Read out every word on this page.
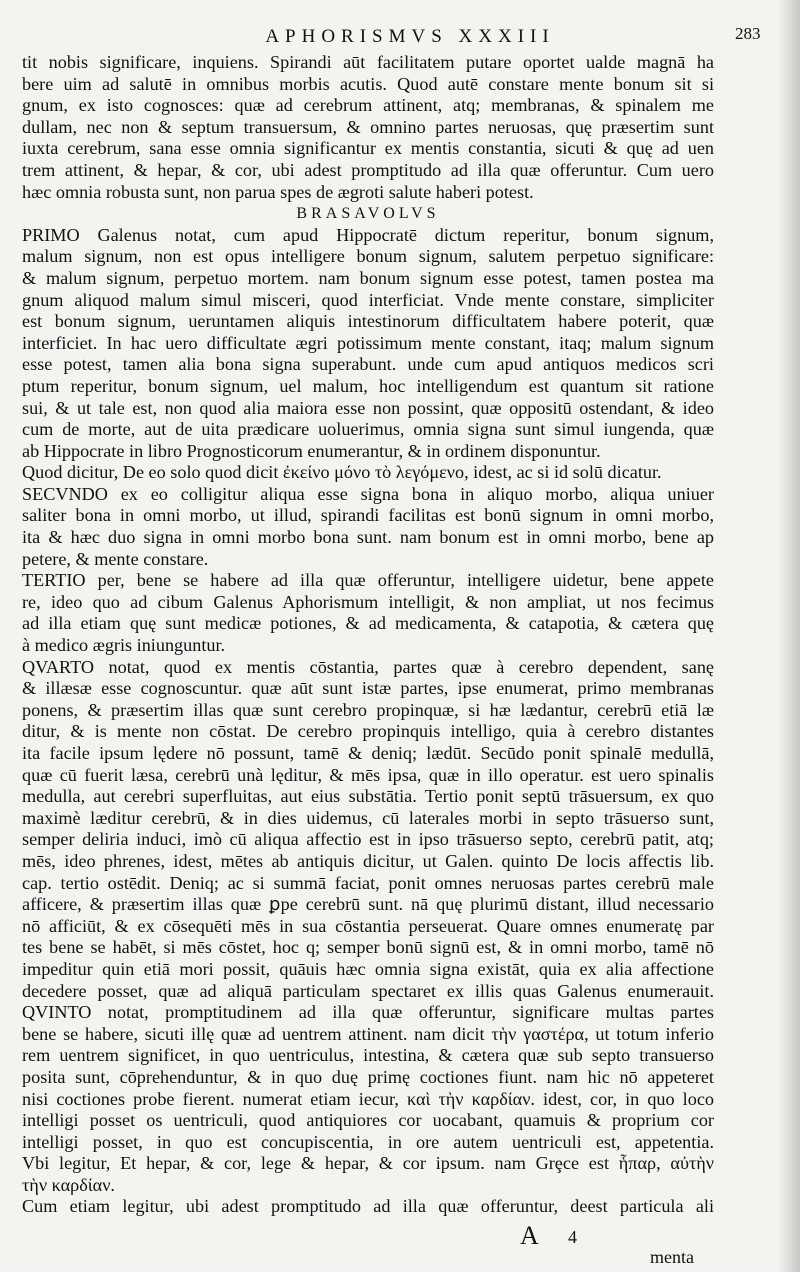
APHORISMVS XXXIII	283
tit nobis significare, inquiens. Spirandi aūt facilitatem putare oportet ualde magnā ha
bere uim ad salutē in omnibus morbis acutis. Quod autē constare mente bonum sit si
gnum, ex isto cognosces: quæ ad cerebrum attinent, atq; membranas, & spinalem me
dullam, nec non & septum transuersum, & omnino partes neruosas, quę præsertim sunt
iuxta cerebrum, sana esse omnia significantur ex mentis constantia, sicuti & quę ad uen
trem attinent, & hepar, & cor, ubi adest promptitudo ad illa quæ offeruntur. Cum uero
hæc omnia robusta sunt, non parua spes de ægroti salute haberi potest.
BRASAVOLVS
PRIMO Galenus notat, cum apud Hippocratē dictum reperitur, bonum signum,
malum signum, non est opus intelligere bonum signum, salutem perpetuo significare:
& malum signum, perpetuo mortem. nam bonum signum esse potest, tamen postea ma
gnum aliquod malum simul misceri, quod interficiat. Vnde mente constare, simpliciter
est bonum signum, ueruntamen aliquis intestinorum difficultatem habere poterit, quæ
interficiet. In hac uero difficultate ægri potissimum mente constant, itaq; malum signum
esse potest, tamen alia bona signa superabunt. unde cum apud antiquos medicos scri
ptum reperitur, bonum signum, uel malum, hoc intelligendum est quantum sit ratione
sui, & ut tale est, non quod alia maiora esse non possint, quæ oppositū ostendant, & ideo
cum de morte, aut de uita prædicare uoluerimus, omnia signa sunt simul iungenda, quæ
ab Hippocrate in libro Prognosticorum enumerantur, & in ordinem disponuntur.
Quod dicitur, De eo solo quod dicit ἐκείνο μόνο τὸ λεγόμενο, idest, ac si id solū dicatur.
SECVNDO ex eo colligitur aliqua esse signa bona in aliquo morbo, aliqua uniuer
saliter bona in omni morbo, ut illud, spirandi facilitas est bonū signum in omni morbo,
ita & hæc duo signa in omni morbo bona sunt. nam bonum est in omni morbo, bene ap
petere, & mente constare.
TERTIO per, bene se habere ad illa quæ offeruntur, intelligere uidetur, bene appete
re, ideo quo ad cibum Galenus Aphorismum intelligit, & non ampliat, ut nos fecimus
ad illa etiam quę sunt medicæ potiones, & ad medicamenta, & catapotia, & cætera quę
à medico ægris iniunguntur.
QVARTO notat, quod ex mentis cōstantia, partes quæ à cerebro dependent, sanę
& illæsæ esse cognoscuntur. quæ aūt sunt istæ partes, ipse enumerat, primo membranas
ponens, & præsertim illas quæ sunt cerebro propinquæ, si hæ lædantur, cerebrū etiā læ
ditur, & is mente non cōstat. De cerebro propinquis intelligo, quia à cerebro distantes
ita facile ipsum lędere nō possunt, tamē & deniq; lædūt. Secūdo ponit spinalē medullā,
quæ cū fuerit læsa, cerebrū unà lęditur, & mēs ipsa, quæ in illo operatur. est uero spinalis
medulla, aut cerebri superfluitas, aut eius substātia. Tertio ponit septū trāsuersum, ex quo
maximè læditur cerebrū, & in dies uidemus, cū laterales morbi in septo trāsuerso sunt,
semper deliria induci, imò cū aliqua affectio est in ipso trāsuerso septo, cerebrū patit, atq;
mēs, ideo phrenes, idest, mētes ab antiquis dicitur, ut Galen. quinto De locis affectis lib.
cap. tertio ostēdit. Deniq; ac si summā faciat, ponit omnes neruosas partes cerebrū male
afficere, & præsertim illas quæ ꝑpe cerebrū sunt. nā quę plurimū distant, illud necessario
nō afficiūt, & ex cōsequēti mēs in sua cōstantia perseuerat. Quare omnes enumeratę par
tes bene se habēt, si mēs cōstet, hoc q; semper bonū signū est, & in omni morbo, tamē nō
impeditur quin etiā mori possit, quāuis hæc omnia signa existāt, quia ex alia affectione
decedere posset, quæ ad aliquā particulam spectaret ex illis quas Galenus enumerauit.
QVINTO notat, promptitudinem ad illa quæ offeruntur, significare multas partes
bene se habere, sicuti illę quæ ad uentrem attinent. nam dicit τὴν γαστέρα, ut totum inferio
rem uentrem significet, in quo uentriculus, intestina, & cætera quæ sub septo transuerso
posita sunt, cōprehenduntur, & in quo duę primę coctiones fiunt. nam hic nō appeteret
nisi coctiones probe fierent. numerat etiam iecur, καὶ τὴν καρδίαν. idest, cor, in quo loco
intelligi posset os uentriculi, quod antiquiores cor uocabant, quamuis & proprium cor
intelligi posset, in quo est concupiscentia, in ore autem uentriculi est, appetentia.
Vbi legitur, Et hepar, & cor, lege & hepar, & cor ipsum. nam Grȩce est ἧπαρ, αὐτὴν
τὴν καρδίαν.
Cum etiam legitur, ubi adest promptitudo ad illa quæ offeruntur, deest particula ali
A 4
menta
